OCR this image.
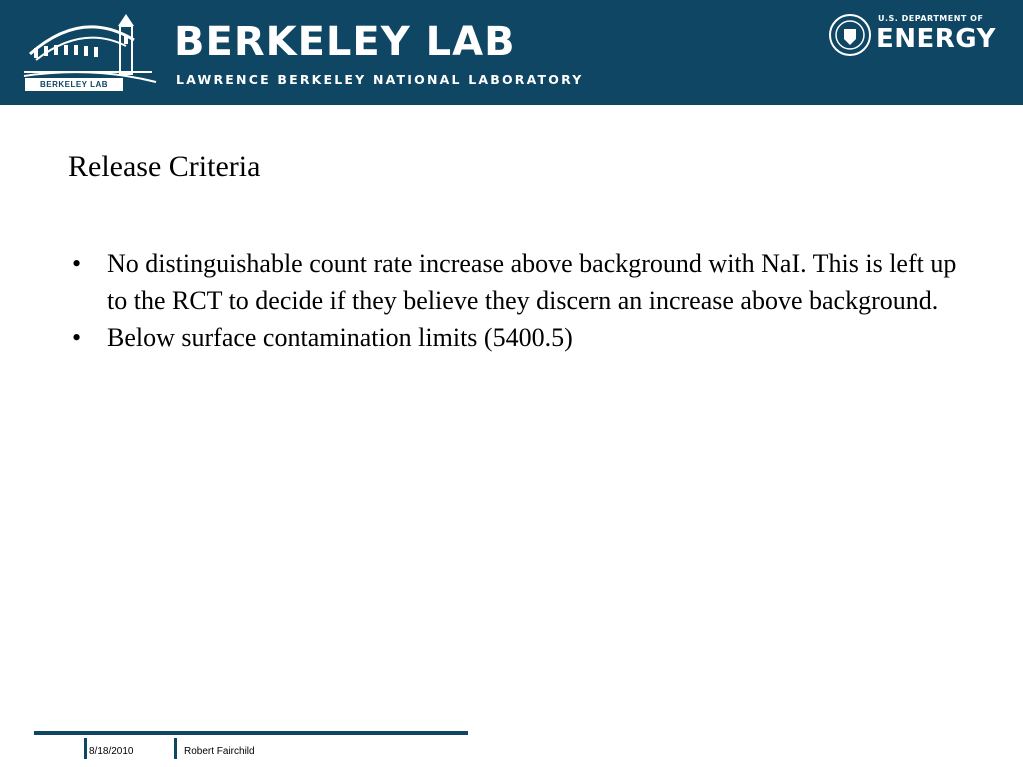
BERKELEY LAB
BERKELEY LAB
LAWRENCE BERKELEY NATIONAL LABORATORY
U.S. DEPARTMENT OF
ENERGY
Release Criteria
• No distinguishable count rate increase above background with NaI. This is left up to the RCT to decide if they believe they discern an increase above background.
• Below surface contamination limits (5400.5)
8/18/2010	Robert Fairchild
